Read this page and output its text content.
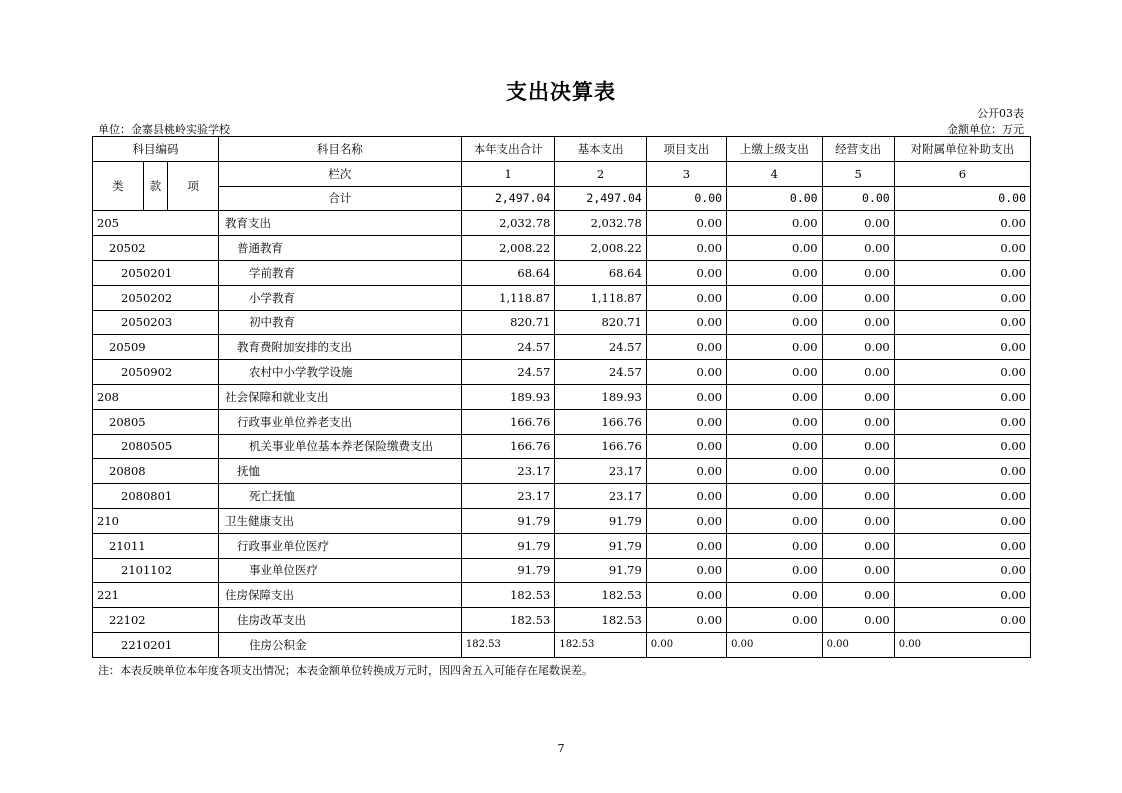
支出决算表
公开03表
单位：金寨县桃岭实验学校	金额单位：万元
科目编码			科目名称	本年支出合计	基本支出	项目支出	上缴上级支出	经营支出	对附属单位补助支出
类	款	项	栏次	1	2	3	4	5	6
			合计	2,497.04	2,497.04	0.00	0.00	0.00	0.00
205			教育支出	2,032.78	2,032.78	0.00	0.00	0.00	0.00
20502			普通教育	2,008.22	2,008.22	0.00	0.00	0.00	0.00
2050201			学前教育	68.64	68.64	0.00	0.00	0.00	0.00
2050202			小学教育	1,118.87	1,118.87	0.00	0.00	0.00	0.00
2050203			初中教育	820.71	820.71	0.00	0.00	0.00	0.00
20509			教育费附加安排的支出	24.57	24.57	0.00	0.00	0.00	0.00
2050902			农村中小学教学设施	24.57	24.57	0.00	0.00	0.00	0.00
208			社会保障和就业支出	189.93	189.93	0.00	0.00	0.00	0.00
20805			行政事业单位养老支出	166.76	166.76	0.00	0.00	0.00	0.00
2080505			机关事业单位基本养老保险缴费支出	166.76	166.76	0.00	0.00	0.00	0.00
20808			抚恤	23.17	23.17	0.00	0.00	0.00	0.00
2080801			死亡抚恤	23.17	23.17	0.00	0.00	0.00	0.00
210			卫生健康支出	91.79	91.79	0.00	0.00	0.00	0.00
21011			行政事业单位医疗	91.79	91.79	0.00	0.00	0.00	0.00
2101102			事业单位医疗	91.79	91.79	0.00	0.00	0.00	0.00
221			住房保障支出	182.53	182.53	0.00	0.00	0.00	0.00
22102			住房改革支出	182.53	182.53	0.00	0.00	0.00	0.00
2210201			住房公积金	182.53	182.53	0.00	0.00	0.00	0.00
注：本表反映单位本年度各项支出情况；本表金额单位转换成万元时，因四舍五入可能存在尾数误差。
7
